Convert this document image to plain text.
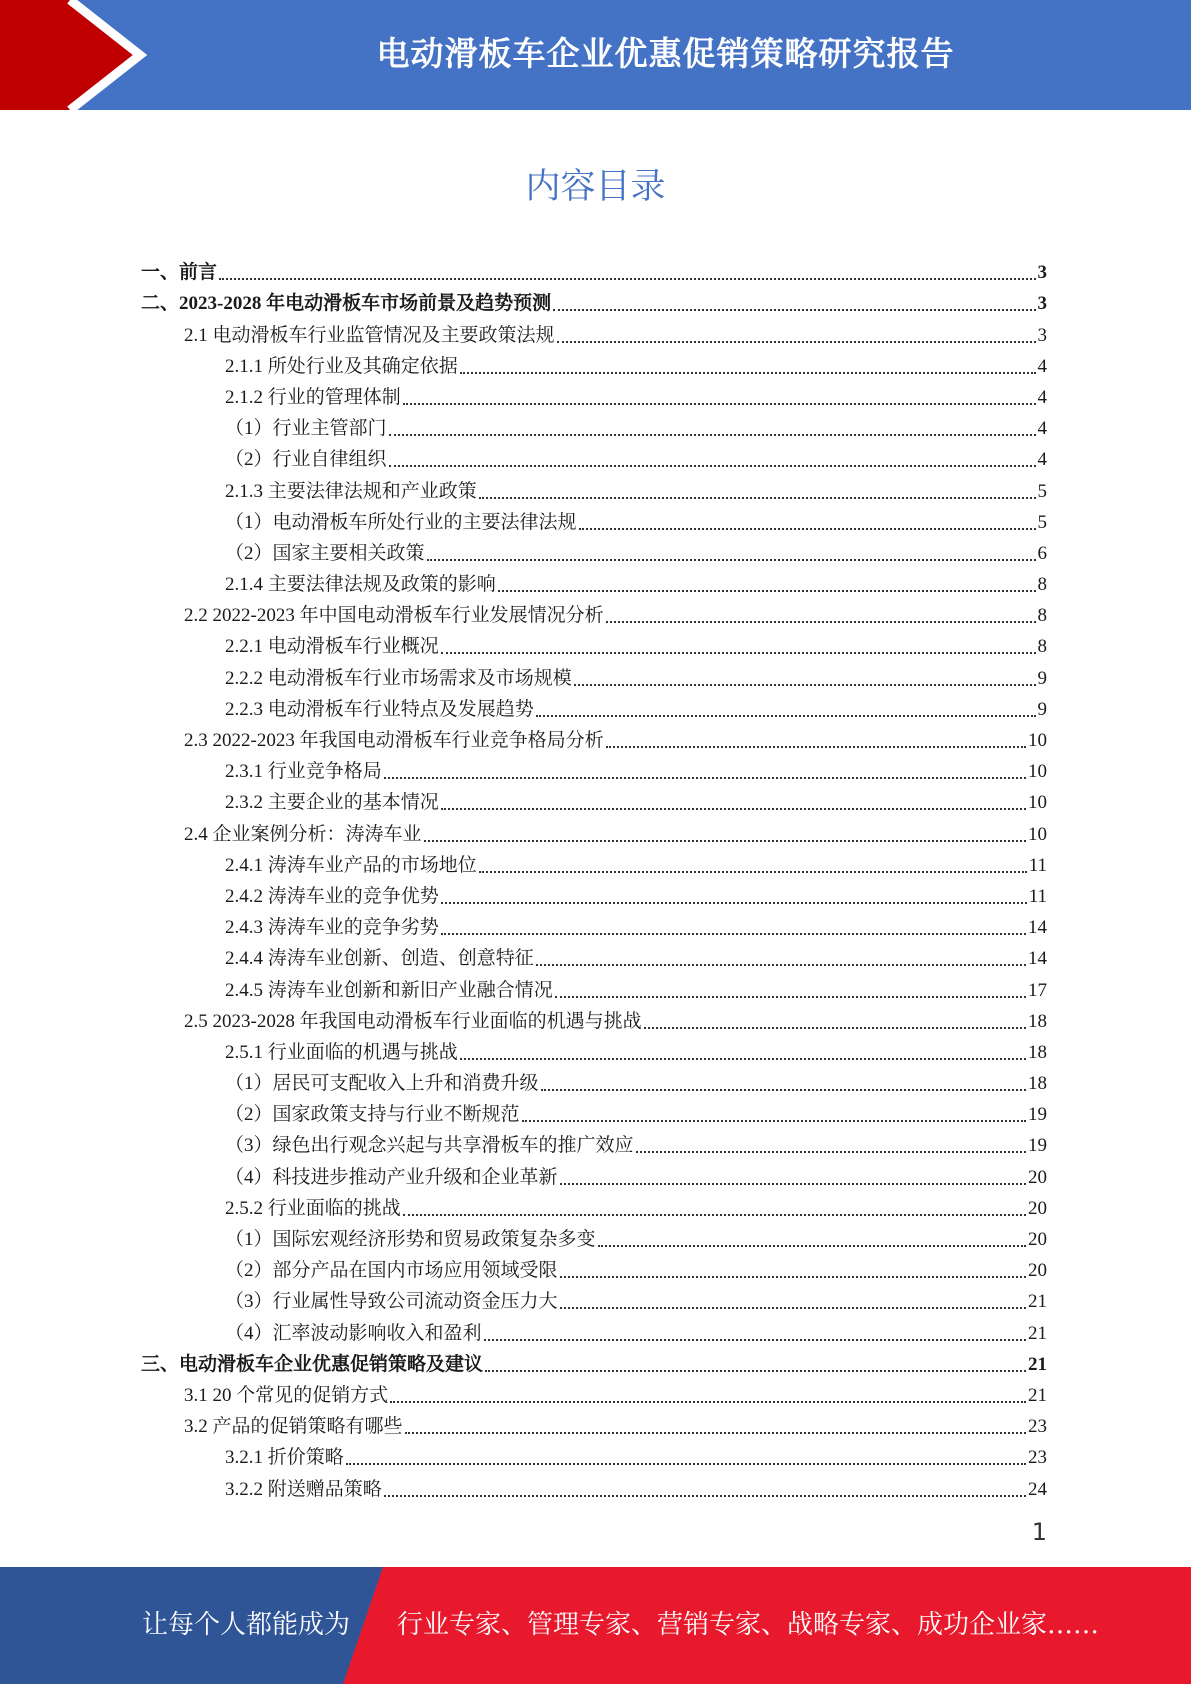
电动滑板车企业优惠促销策略研究报告
内容目录
一、前言	3
二、2023-2028 年电动滑板车市场前景及趋势预测	3
2.1 电动滑板车行业监管情况及主要政策法规	3
2.1.1 所处行业及其确定依据	4
2.1.2 行业的管理体制	4
（1）行业主管部门	4
（2）行业自律组织	4
2.1.3 主要法律法规和产业政策	5
（1）电动滑板车所处行业的主要法律法规	5
（2）国家主要相关政策	6
2.1.4 主要法律法规及政策的影响	8
2.2 2022-2023 年中国电动滑板车行业发展情况分析	8
2.2.1 电动滑板车行业概况	8
2.2.2 电动滑板车行业市场需求及市场规模	9
2.2.3 电动滑板车行业特点及发展趋势	9
2.3 2022-2023 年我国电动滑板车行业竞争格局分析	10
2.3.1 行业竞争格局	10
2.3.2 主要企业的基本情况	10
2.4 企业案例分析：涛涛车业	10
2.4.1 涛涛车业产品的市场地位	11
2.4.2 涛涛车业的竞争优势	11
2.4.3 涛涛车业的竞争劣势	14
2.4.4 涛涛车业创新、创造、创意特征	14
2.4.5 涛涛车业创新和新旧产业融合情况	17
2.5 2023-2028 年我国电动滑板车行业面临的机遇与挑战	18
2.5.1 行业面临的机遇与挑战	18
（1）居民可支配收入上升和消费升级	18
（2）国家政策支持与行业不断规范	19
（3）绿色出行观念兴起与共享滑板车的推广效应	19
（4）科技进步推动产业升级和企业革新	20
2.5.2 行业面临的挑战	20
（1）国际宏观经济形势和贸易政策复杂多变	20
（2）部分产品在国内市场应用领域受限	20
（3）行业属性导致公司流动资金压力大	21
（4）汇率波动影响收入和盈利	21
三、电动滑板车企业优惠促销策略及建议	21
3.1 20 个常见的促销方式	21
3.2 产品的促销策略有哪些	23
3.2.1 折价策略	23
3.2.2 附送赠品策略	24
1
让每个人都能成为 行业专家、管理专家、营销专家、战略专家、成功企业家……
